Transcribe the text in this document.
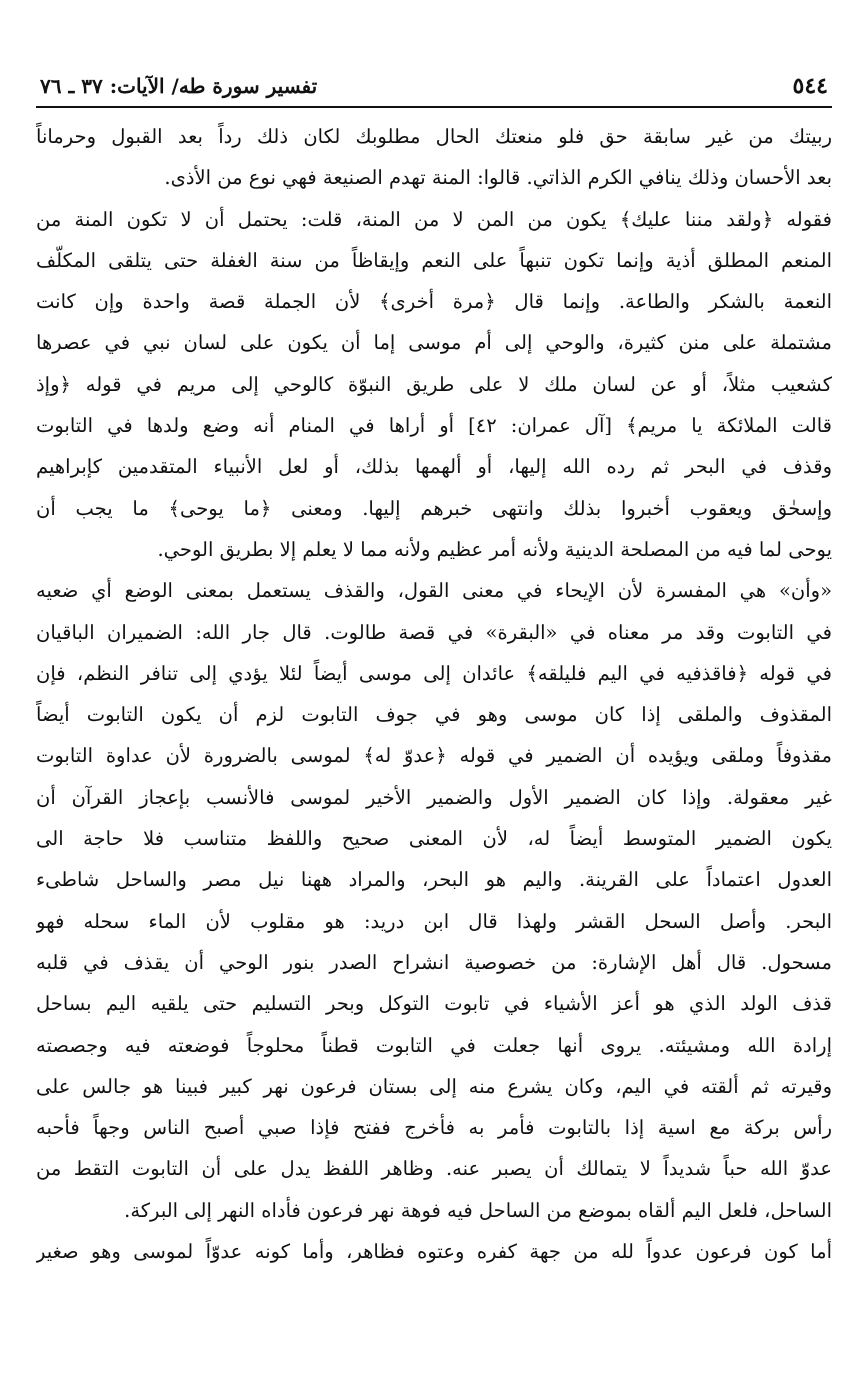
٥٤٤
تفسير سورة طه/ الآيات: ٣٧ ـ ٧٦
ربيتك من غير سابقة حق فلو منعتك الحال مطلوبك لكان ذلك رداً بعد القبول وحرماناً
بعد الأحسان وذلك ينافي الكرم الذاتي. قالوا: المنة تهدم الصنيعة فهي نوع من الأذى.
فقوله ﴿ولقد مننا عليك﴾ يكون من المن لا من المنة، قلت: يحتمل أن لا تكون المنة من
المنعم المطلق أذية وإنما تكون تنبهاً على النعم وإيقاظاً من سنة الغفلة حتى يتلقى المكلّف
النعمة بالشكر والطاعة. وإنما قال ﴿مرة أخرى﴾ لأن الجملة قصة واحدة وإن كانت
مشتملة على منن كثيرة، والوحي إلى أم موسى إما أن يكون على لسان نبي في عصرها
كشعيب مثلاً، أو عن لسان ملك لا على طريق النبوّة كالوحي إلى مريم في قوله ﴿وإذ
قالت الملائكة يا مريم﴾ [آل عمران: ٤٢] أو أراها في المنام أنه وضع ولدها في التابوت
وقذف في البحر ثم رده الله إليها، أو ألهمها بذلك، أو لعل الأنبياء المتقدمين كإبراهيم
وإسحٰق ويعقوب أخبروا بذلك وانتهى خبرهم إليها. ومعنى ﴿ما يوحى﴾ ما يجب أن
يوحى لما فيه من المصلحة الدينية ولأنه أمر عظيم ولأنه مما لا يعلم إلا بطريق الوحي.
«وأن» هي المفسرة لأن الإيحاء في معنى القول، والقذف يستعمل بمعنى الوضع أي ضعيه
في التابوت وقد مر معناه في «البقرة» في قصة طالوت. قال جار الله: الضميران الباقيان
في قوله ﴿فاقذفيه في اليم فليلقه﴾ عائدان إلى موسى أيضاً لئلا يؤدي إلى تنافر النظم، فإن
المقذوف والملقى إذا كان موسى وهو في جوف التابوت لزم أن يكون التابوت أيضاً
مقذوفاً وملقى ويؤيده أن الضمير في قوله ﴿عدوّ له﴾ لموسى بالضرورة لأن عداوة التابوت
غير معقولة. وإذا كان الضمير الأول والضمير الأخير لموسى فالأنسب بإعجاز القرآن أن
يكون الضمير المتوسط أيضاً له، لأن المعنى صحيح واللفظ متناسب فلا حاجة الى
العدول اعتماداً على القرينة. واليم هو البحر، والمراد ههنا نيل مصر والساحل شاطىء
البحر. وأصل السحل القشر ولهذا قال ابن دريد: هو مقلوب لأن الماء سحله فهو
مسحول. قال أهل الإشارة: من خصوصية انشراح الصدر بنور الوحي أن يقذف في قلبه
قذف الولد الذي هو أعز الأشياء في تابوت التوكل وبحر التسليم حتى يلقيه اليم بساحل
إرادة الله ومشيئته. يروى أنها جعلت في التابوت قطناً محلوجاً فوضعته فيه وجصصته
وقيرته ثم ألقته في اليم، وكان يشرع منه إلى بستان فرعون نهر كبير فبينا هو جالس على
رأس بركة مع اسية إذا بالتابوت فأمر به فأخرج ففتح فإذا صبي أصبح الناس وجهاً فأحبه
عدوّ الله حباً شديداً لا يتمالك أن يصبر عنه. وظاهر اللفظ يدل على أن التابوت التقط من
الساحل، فلعل اليم ألقاه بموضع من الساحل فيه فوهة نهر فرعون فأداه النهر إلى البركة.
أما كون فرعون عدواً لله من جهة كفره وعتوه فظاهر، وأما كونه عدوّاً لموسى وهو صغير
